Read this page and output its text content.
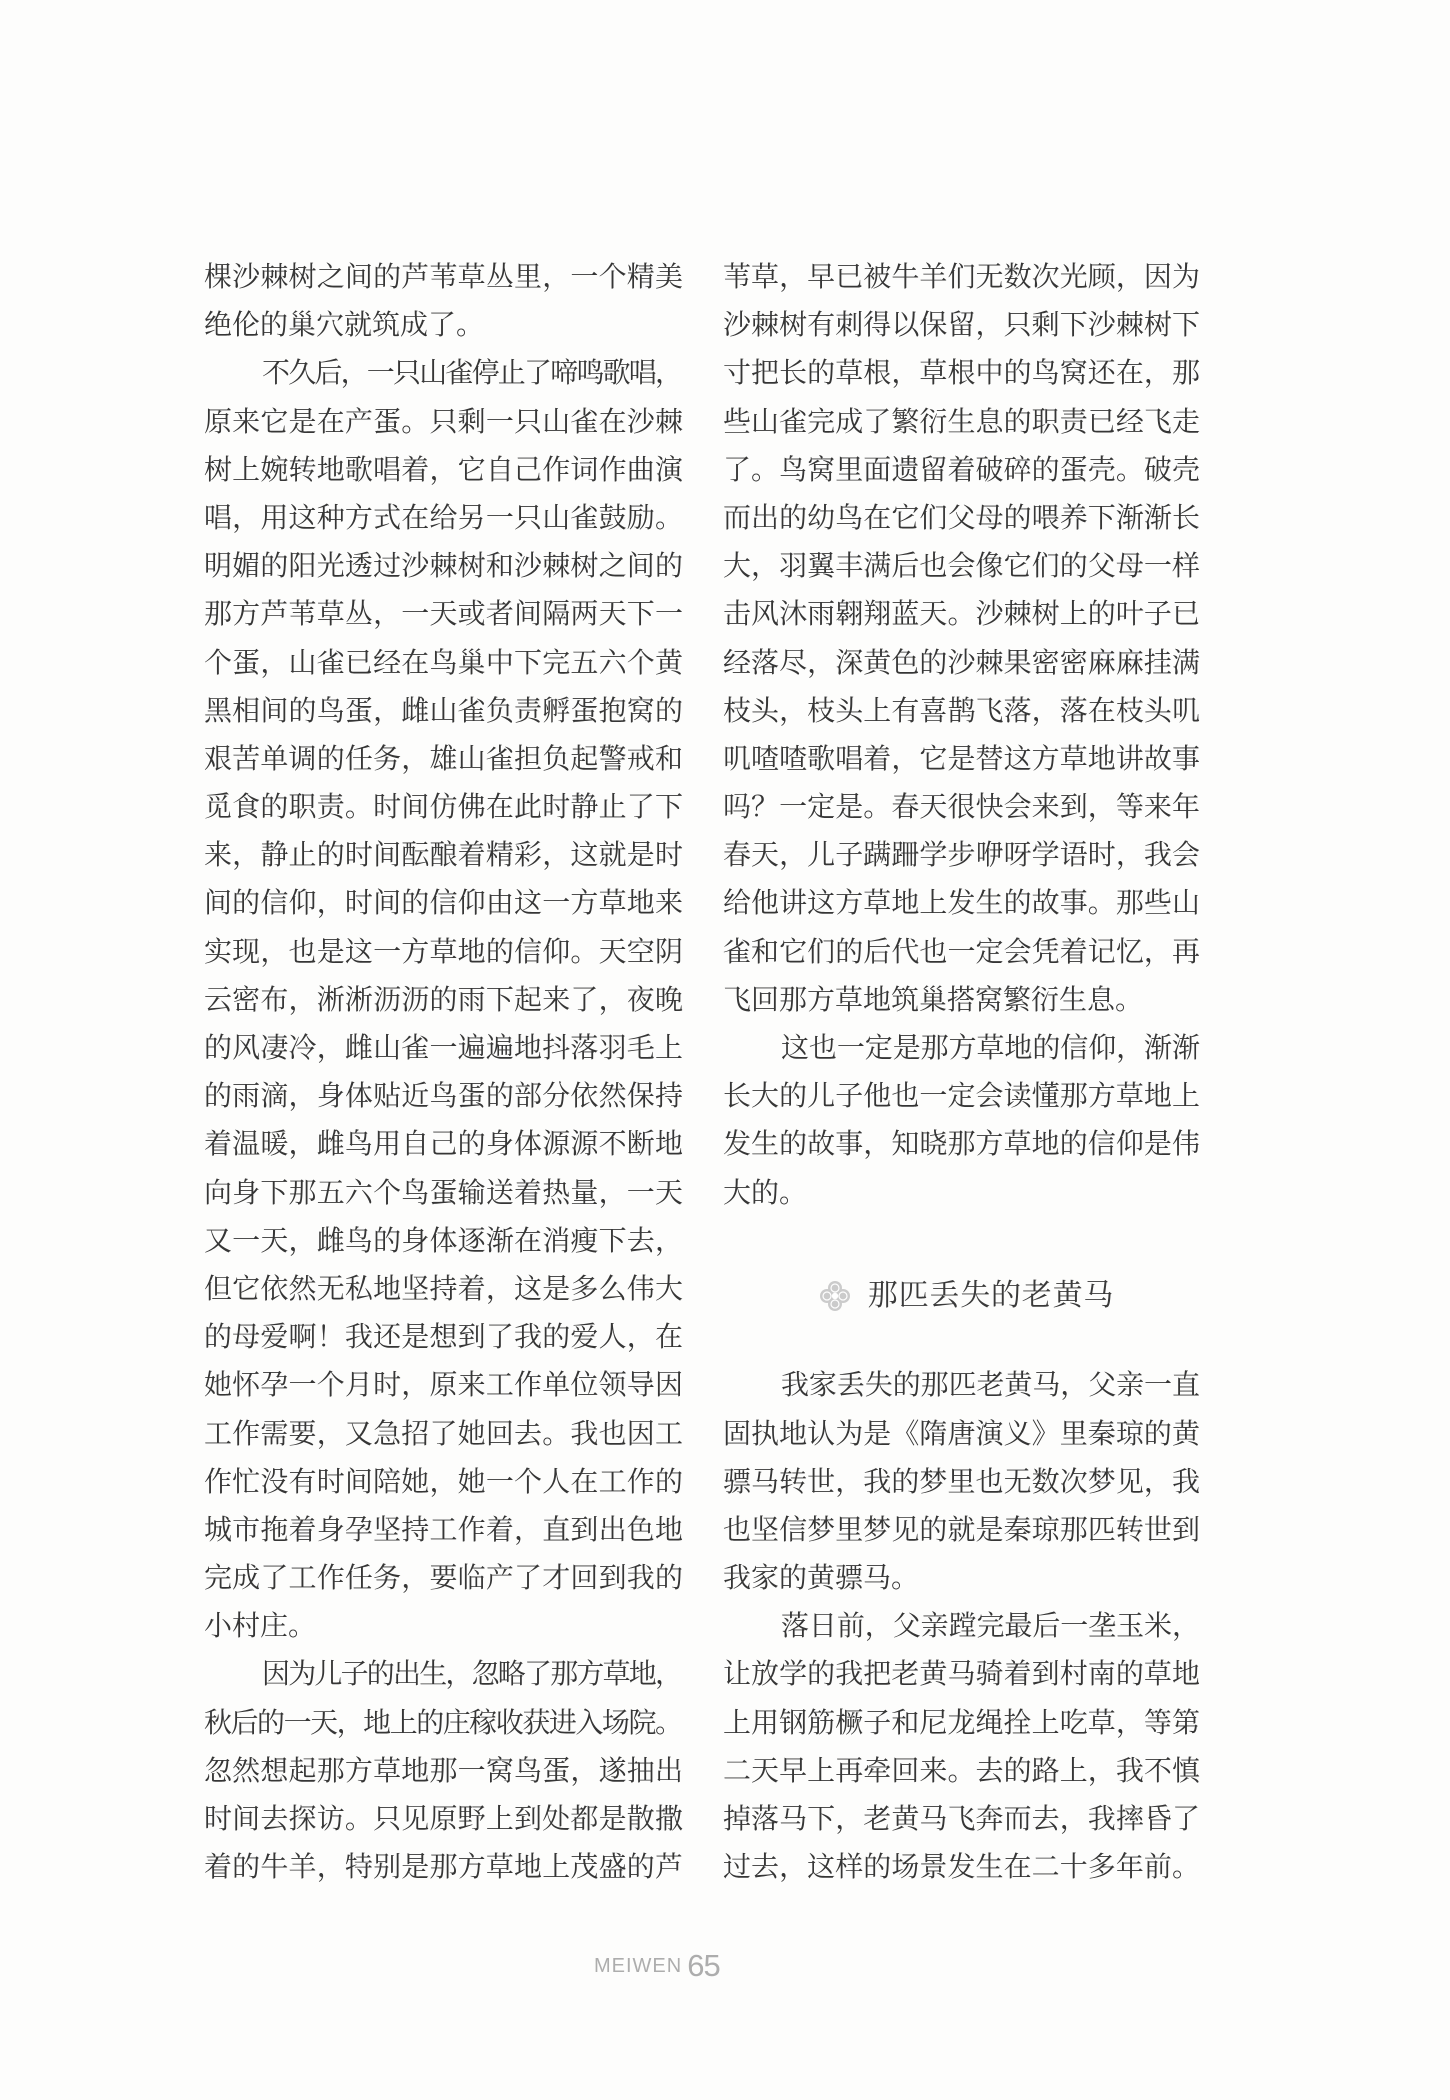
棵沙棘树之间的芦苇草丛里，一个精美
绝伦的巢穴就筑成了。
不久后，一只山雀停止了啼鸣歌唱，
原来它是在产蛋。只剩一只山雀在沙棘
树上婉转地歌唱着，它自己作词作曲演
唱，用这种方式在给另一只山雀鼓励。
明媚的阳光透过沙棘树和沙棘树之间的
那方芦苇草丛，一天或者间隔两天下一
个蛋，山雀已经在鸟巢中下完五六个黄
黑相间的鸟蛋，雌山雀负责孵蛋抱窝的
艰苦单调的任务，雄山雀担负起警戒和
觅食的职责。时间仿佛在此时静止了下
来，静止的时间酝酿着精彩，这就是时
间的信仰，时间的信仰由这一方草地来
实现，也是这一方草地的信仰。天空阴
云密布，淅淅沥沥的雨下起来了，夜晚
的风凄冷，雌山雀一遍遍地抖落羽毛上
的雨滴，身体贴近鸟蛋的部分依然保持
着温暖，雌鸟用自己的身体源源不断地
向身下那五六个鸟蛋输送着热量，一天
又一天，雌鸟的身体逐渐在消瘦下去，
但它依然无私地坚持着，这是多么伟大
的母爱啊！我还是想到了我的爱人，在
她怀孕一个月时，原来工作单位领导因
工作需要，又急招了她回去。我也因工
作忙没有时间陪她，她一个人在工作的
城市拖着身孕坚持工作着，直到出色地
完成了工作任务，要临产了才回到我的
小村庄。
因为儿子的出生，忽略了那方草地，
秋后的一天，地上的庄稼收获进入场院。
忽然想起那方草地那一窝鸟蛋，遂抽出
时间去探访。只见原野上到处都是散撒
着的牛羊，特别是那方草地上茂盛的芦
苇草，早已被牛羊们无数次光顾，因为
沙棘树有刺得以保留，只剩下沙棘树下
寸把长的草根，草根中的鸟窝还在，那
些山雀完成了繁衍生息的职责已经飞走
了。鸟窝里面遗留着破碎的蛋壳。破壳
而出的幼鸟在它们父母的喂养下渐渐长
大，羽翼丰满后也会像它们的父母一样
击风沐雨翱翔蓝天。沙棘树上的叶子已
经落尽，深黄色的沙棘果密密麻麻挂满
枝头，枝头上有喜鹊飞落，落在枝头叽
叽喳喳歌唱着，它是替这方草地讲故事
吗？一定是。春天很快会来到，等来年
春天，儿子蹒跚学步咿呀学语时，我会
给他讲这方草地上发生的故事。那些山
雀和它们的后代也一定会凭着记忆，再
飞回那方草地筑巢搭窝繁衍生息。
这也一定是那方草地的信仰，渐渐
长大的儿子他也一定会读懂那方草地上
发生的故事，知晓那方草地的信仰是伟
大的。
那匹丢失的老黄马
我家丢失的那匹老黄马，父亲一直
固执地认为是《隋唐演义》里秦琼的黄
骠马转世，我的梦里也无数次梦见，我
也坚信梦里梦见的就是秦琼那匹转世到
我家的黄骠马。
落日前，父亲蹚完最后一垄玉米，
让放学的我把老黄马骑着到村南的草地
上用钢筋橛子和尼龙绳拴上吃草，等第
二天早上再牵回来。去的路上，我不慎
掉落马下，老黄马飞奔而去，我摔昏了
过去，这样的场景发生在二十多年前。
MEIWEN 65
